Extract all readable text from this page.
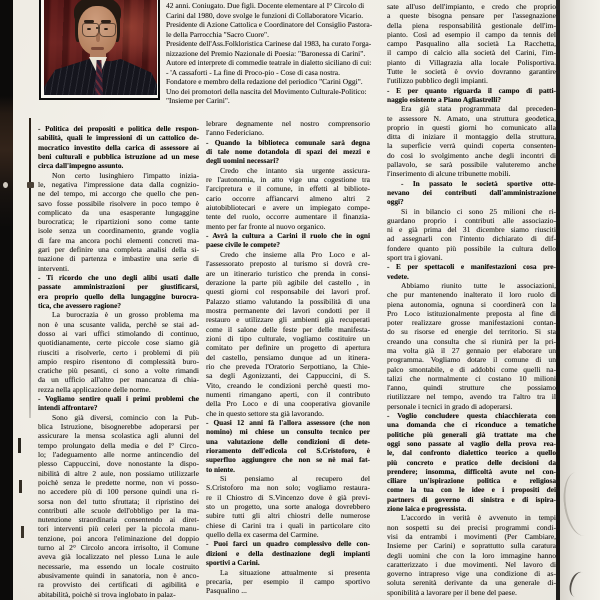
42 anni. Coniugato. Due figli. Docente elementare al I° Circolo di
Carini dal 1980, dove svolge le funzioni di Collaboratore Vicario.
Presidente di Azione Cattolica e Coordinatore del Consiglio Pastora-
le della Parrocchia "Sacro Cuore".
Presidente dell'Ass.Folkloristica Carinese dal 1983, ha curato l'orga-
nizzazione del Premio Nazionale di Poesia: "Baronessa di Carini".
Autore ed interprete di commedie teatrale in dialetto siciliano di cui:
- 'A cassaforti - La fine di Proco-pio - Cose di casa nostra.
Fondatore e membro della redazione del periodico "Carini Oggi".
Uno dei promotori della nascita del Movimento Culturale-Politico:
"Insieme per Carini".
- Politica dei propositi e politica delle respon-
sabilità, quali le impressioni di un cattolico de-
mocratico investito della carica di assessore ai
beni culturali e pubblica istruzione ad un mese
circa dall'impegno assunto.
Non certo lusinghiero l'impatto inizia-
le, negativa l'impressione data dalla cognizio-
ne del tempo, mi accorgo che quello che pen-
savo fosse possibile risolvere in poco tempo è
complicato da una esasperante lungaggine
burocratica; le ripartizioni sono come tante
isole senza un coordinamento, grande voglia
di fare ma ancora pochi elementi concreti ma-
gari per definire una completa analisi della si-
tuazione di partenza e imbastire una serie di
interventi.
- Ti ricordo che uno degli alibi usati dalle
passate amministrazioni per giustificarsi,
era proprio quello della lungaggine burocra-
tica, che avessero ragione?
La burocrazia è un grosso problema ma
non è una scusante valida, perchè se stai ad-
dosso ai vari uffici stimolando di continuo,
quotidianamente, certe piccole cose siamo già
riusciti a risolverle, certo i problemi di più
ampio respiro risentono di complessità buro-
cratiche più pesanti, ci sono a volte rimandi
da un ufficio all'altro per mancanza di chia-
rezza nella applicazione delle norme.
- Vogliamo sentire quali i primi problemi che
intendi affrontare?
Sono già diversi, comincio con la Pub-
blica Istruzione, bisognerebbe adoperarsi per
assicurare la mensa scolastica agli alunni del
tempo prolungato della media e del I° Circo-
lo; l'adeguamento alle norme antincendio del
plesso Cappuccini, dove nonostante la dispo-
nibilità di altre 2 aule, non possiamo utilizzarle
poichè senza le predette norme, non vi posso-
no accedere più di 100 persone quindi una ri-
sorsa non del tutto sfruttata; il ripristino dei
contributi alle scuole dell'obbligo per la ma-
nutenzione straordinaria consentendo ai diret-
tori interventi più celeri per la piccola manu-
tenzione, poi ancora l'eliminazione del doppio
turno al 2° Circolo ancora irrisolto, il Comune
aveva già localizzato nel plesso Luna le aule
necessarie, ma essendo un locale costruito
abusivamente quindi in sanatoria, non è anco-
ra provvisto dei certificati di agibilità e
abitabilità, poichè si trova inglobato in palaz-
lebrare degnamente nel nostro comprensorio
l'anno Federiciano.
- Quando la biblioteca comunale sarà degna
di tale nome dotandola di spazi dei mezzi e
degli uomini necessari?
Credo che intanto sia urgente assicura-
re l'autonomia, in atto vige una cogestione tra
l'arcipretura e il comune, in effetti al bibliote-
cario occorre affiancarvi almeno altri 2
aiutobibliotecari e avere un impiegato compe-
tente del ruolo, occorre aumentare il finanzia-
mento per far fronte al nuovo organico.
- Avrà la cultura a Carini il ruolo che in ogni
paese civile le compete?
Credo che insieme alla Pro Loco e al-
l'assessorato preposto al turismo si dovrà cre-
are un itinerario turistico che prenda in consi-
derazione la parte più agibile del castello , in
questi giorni col responsabile dei lavori prof.
Palazzo stiamo valutando la possibilità di una
mostra permanente dei lavori condotti per il
restauro e utilizzare gli ambienti già recuperati
come il salone delle feste per delle manifesta-
zioni di tipo culturale, vogliamo costituire un
comitato per definire un progetto di apertura
del castello, pensiamo dunque ad un itinera-
rio che preveda l'Oratorio Serpottiano, la Chie-
sa degli Agonizzanti, dei Cappuccini, di S.
Vito, creando le condizioni perchè questi mo-
numenti rimangano aperti, con il contributo
della Pro Loco e di una cooperativa giovanile
che in questo settore sta già lavorando.
- Quasi 12 anni fà l'allora assessore (che non
nomino) mi chiese un consulto tecnico per
una valutazione delle condizioni di dete-
rioramento dell'edicola col S.Cristoforo, è
superfluo aggiungere che non se nè mai fat-
to niente.
Si pensiamo al recupero del
S.Cristoforo ma non solo; vogliamo restaura-
re il Chiostro di S.Vincenzo dove è già previ-
sto un progetto, una sorte analoga dovrebbero
subire tutti gli altri chiostri delle numerose
chiese di Carini tra i quali in particolare cito
quello della ex caserma del Carmine.
- Puoi farci un quadro complessivo delle con-
dizioni e della destinazione degli impianti
sportivi a Carini.
La situazione attualmente si presenta
precaria, per esempio il campo sportivo
Pasqualino ...
sate all'uso dell'impianto, e credo che proprio
a queste bisogna pensare per l'assegnazione
della piena responsabilità gestionale dell'im-
pianto. Così ad esempio il campo da tennis del
campo Pasqualino alla società La Racchetta,
il campo di calcio alla società del Carini, l'im-
pianto di Villagrazia alla locale Polisportiva.
Tutte le società è ovvio dovranno garantire
l'utilizzo pubblico degli impianti.
- E per quanto riguarda il campo di patti-
naggio esistente a Piano Agliastrelli?
Era già stata programmata dal preceden-
te assessore N. Amato, una struttura geodetica,
proprio in questi giorni ho comunicato alla
ditta di iniziare il montaggio della struttura,
la superficie verrà quindi coperta consenten-
do così lo svolgimento anche degli incontri di
pallavolo, se sarà possibile valuteremo anche
l'inserimento di alcune tribunette mobili.
- In passato le società sportive otte-
nevano dei contributi dall'amministrazione
oggi?
Si in bilancio ci sono 25 milioni che ri-
guardano proprio i contributi alle associazio-
ni e già prima del 31 dicembre siamo riusciti
ad assegnarli con l'intento dichiarato di dif-
fondere quanto più possibile la cultura dello
sport tra i giovani.
- E per spettacoli e manifestazioni cosa pre-
vedete.
Abbiamo riunito tutte le associazioni,
che pur mantenendo inalterato il loro ruolo di
piena autonomia, ognuna si coordinerà con la
Pro Loco istituzionalmente preposta al fine di
poter realizzare grosse manifestazioni contan-
do su risorse ed energie del territorio. Si sta
creando una consulta che si riunirà per la pri-
ma volta già il 27 gennaio per elaborare un
programma. Vogliamo dotare il comune di un
palco smontabile, e di addobbi come quelli na-
talizi che normalmente ci costano 10 milioni
l'anno, quindi strutture che possiamo
riutilizzare nel tempo, avendo tra l'altro tra il
personale i tecnici in grado di adoperarsi.
- Voglio concludere questa chiacchierata con
una domanda che ci riconduce a tematiche
politiche più generali già trattate ma che
oggi sono passate al vaglio della prova rea-
le, dal confronto dialettico teorico a quello
più concreto e pratico delle decisioni da
prendere; insomma, difficoltà avute nel con-
ciliare un'ispirazione politica e religiosa
come la tua con le idee e i propositi dei
partners di governo di sinistra e di ispira-
zione laica e progressista.
L'accordo in verità è avvenuto in tempi
non sospetti su dei precisi programmi condi-
visi da entrambi i movimenti (Per Cambiare,
Insieme per Carini) e soprattutto sulla caratura
degli uomini che con la loro immagine hanno
caratterizzato i due movimenti. Nel lavoro di
governo intrapreso vige una condizione di as-
soluta serenità derivante da una generale di-
sponibilità a lavorare per il bene del paese.
